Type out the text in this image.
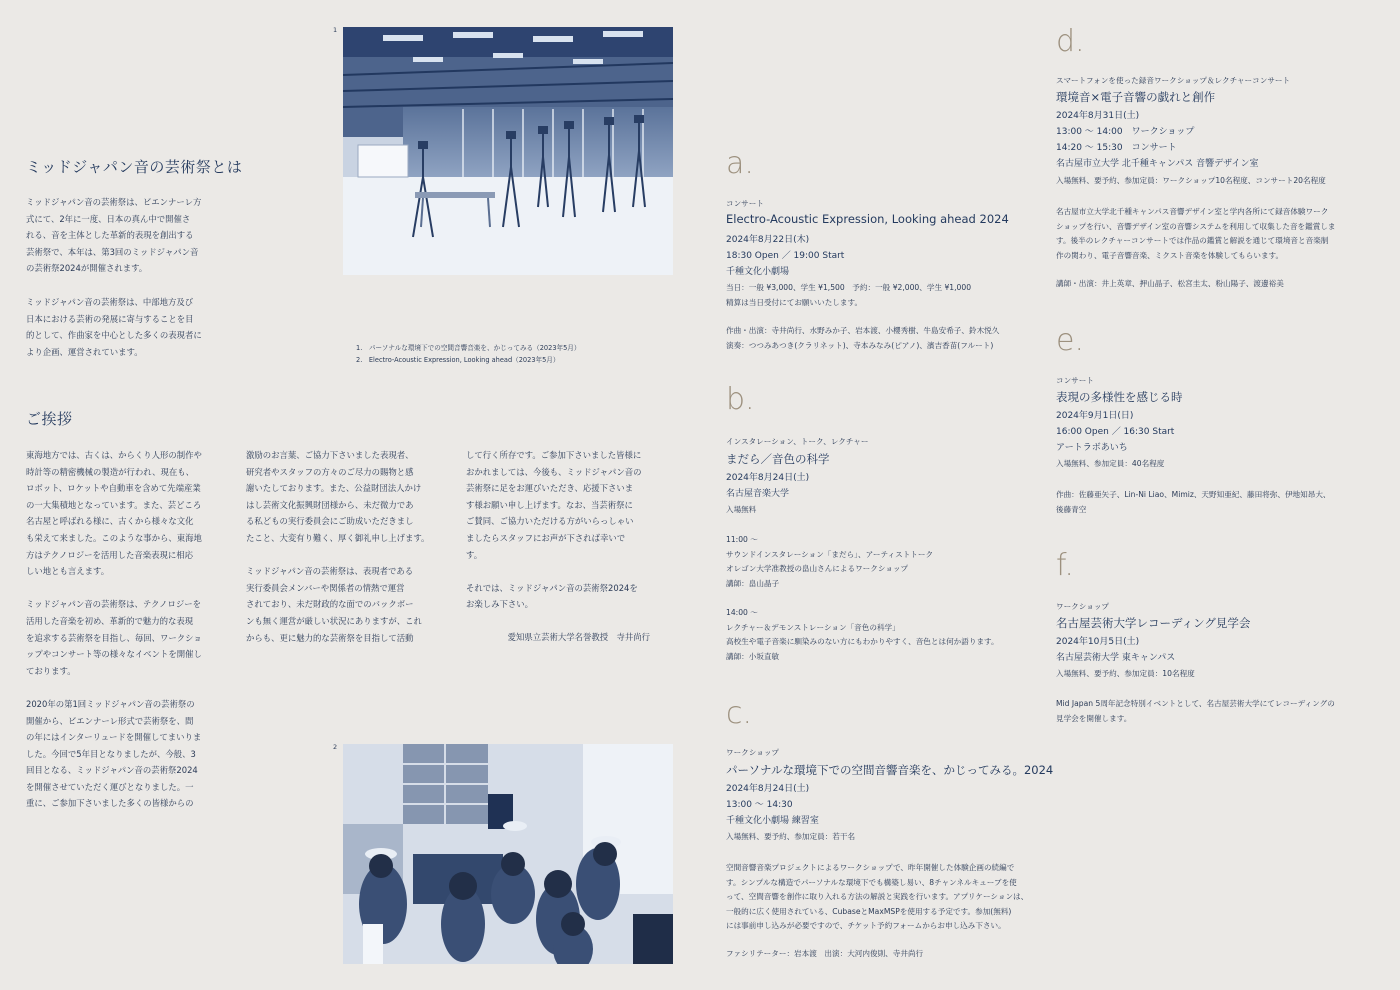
ミッドジャパン音の芸術祭とは
ミッドジャパン音の芸術祭は、ビエンナーレ方
式にて、2年に一度、日本の真ん中で開催さ
れる、音を主体とした革新的表現を創出する
芸術祭で、本年は、第3回のミッドジャパン音
の芸術祭2024が開催されます。
ミッドジャパン音の芸術祭は、中部地方及び
日本における芸術の発展に寄与することを目
的として、作曲家を中心とした多くの表現者に
より企画、運営されています。
ご挨拶
東海地方では、古くは、からくり人形の制作や
時計等の精密機械の製造が行われ、現在も、
ロボット、ロケットや自動車を含めて先端産業
の一大集積地となっています。また、芸どころ
名古屋と呼ばれる様に、古くから様々な文化
も栄えて来ました。このような事から、東海地
方はテクノロジーを活用した音楽表現に相応
しい地とも言えます。

ミッドジャパン音の芸術祭は、テクノロジーを
活用した音楽を初め、革新的で魅力的な表現
を追求する芸術祭を目指し、毎回、ワークショ
ップやコンサート等の様々なイベントを開催し
ております。

2020年の第1回ミッドジャパン音の芸術祭の
開催から、ビエンナーレ形式で芸術祭を、間
の年にはインターリュードを開催してまいりま
した。今回で5年目となりましたが、今般、3
回目となる、ミッドジャパン音の芸術祭2024
を開催させていただく運びとなりました。一
重に、ご参加下さいました多くの皆様からの
激励のお言葉、ご協力下さいました表現者、
研究者やスタッフの方々のご尽力の賜物と感
謝いたしております。また、公益財団法人かけ
はし芸術文化振興財団様から、未だ微力であ
る私どもの実行委員会にご助成いただきまし
たこと、大変有り難く、厚く御礼申し上げます。

ミッドジャパン音の芸術祭は、表現者である
実行委員会メンバーや関係者の情熱で運営
されており、未だ財政的な面でのバックボー
ンも無く運営が厳しい状況にありますが、これ
からも、更に魅力的な芸術祭を目指して活動
して行く所存です。ご参加下さいました皆様に
おかれましては、今後も、ミッドジャパン音の
芸術祭に足をお運びいただき、応援下さいま
す様お願い申し上げます。なお、当芸術祭に
ご賛同、ご協力いただける方がいらっしゃい
ましたらスタッフにお声が下されば幸いで
す。

それでは、ミッドジャパン音の芸術祭2024を
お楽しみ下さい。
愛知県立芸術大学名誉教授　寺井尚行
1
1.　パーソナルな環境下での空間音響音楽を、かじってみる（2023年5月）
2.　Electro-Acoustic Expression, Looking ahead（2023年5月）
2
a.
コンサート
Electro-Acoustic Expression, Looking ahead 2024
2024年8月22日(木)
18:30 Open ／ 19:00 Start
千種文化小劇場
当日：一般 ¥3,000、学生 ¥1,500　予約：一般 ¥2,000、学生 ¥1,000
精算は当日受付にてお願いいたします。
作曲・出演：寺井尚行、水野みか子、岩本渡、小櫻秀樹、牛島安希子、鈴木悦久
演奏：つつみあつき(クラリネット)、寺本みなみ(ピアノ)、濱吉香苗(フルート)
b.
インスタレーション、トーク、レクチャー
まだら／音色の科学
2024年8月24日(土)
名古屋音楽大学
入場無料
11:00 〜
サウンドインスタレーション「まだら」、アーティストトーク
オレゴン大学准教授の畠山さんによるワークショップ
講師：畠山晶子
14:00 〜
レクチャー＆デモンストレーション「音色の科学」
高校生や電子音楽に馴染みのない方にもわかりやすく、音色とは何か語ります。
講師：小坂直敏
c.
ワークショップ
パーソナルな環境下での空間音響音楽を、かじってみる。2024
2024年8月24日(土)
13:00 〜 14:30
千種文化小劇場 練習室
入場無料、要予約、参加定員：若干名
空間音響音楽プロジェクトによるワークショップで、昨年開催した体験企画の続編で
す。シンプルな構造でパーソナルな環境下でも構築し易い、8チャンネルキューブを使
って、空間音響を創作に取り入れる方法の解説と実践を行います。アプリケーションは、
一般的に広く使用されている、CubaseとMaxMSPを使用する予定です。参加(無料)
には事前申し込みが必要ですので、チケット予約フォームからお申し込み下さい。
ファシリテーター：岩本渡　出演：大河内俊則、寺井尚行
d.
スマートフォンを使った録音ワークショップ＆レクチャーコンサート
環境音×電子音響の戯れと創作
2024年8月31日(土)
13:00 〜 14:00　ワークショップ
14:20 〜 15:30　コンサート
名古屋市立大学 北千種キャンパス 音響デザイン室
入場無料、要予約、参加定員：ワークショップ10名程度、コンサート20名程度
名古屋市立大学北千種キャンパス音響デザイン室と学内各所にて録音体験ワーク
ショップを行い、音響デザイン室の音響システムを利用して収集した音を鑑賞しま
す。後半のレクチャーコンサートでは作品の鑑賞と解説を通じて環境音と音楽制
作の関わり、電子音響音楽、ミクスト音楽を体験してもらいます。
講師・出演：井上英章、押山晶子、松宮圭太、粉山陽子、渡邊裕美
e.
コンサート
表現の多様性を感じる時
2024年9月1日(日)
16:00 Open ／ 16:30 Start
アートラボあいち
入場無料、参加定員：40名程度
作曲：佐藤亜矢子、Lin-Ni Liao、Mimiz、天野知亜紀、藤田将弥、伊地知昂大、
後藤青空
f.
ワークショップ
名古屋芸術大学レコーディング見学会
2024年10月5日(土)
名古屋芸術大学 東キャンパス
入場無料、要予約、参加定員：10名程度
Mid Japan 5周年記念特別イベントとして、名古屋芸術大学にてレコーディングの
見学会を開催します。
